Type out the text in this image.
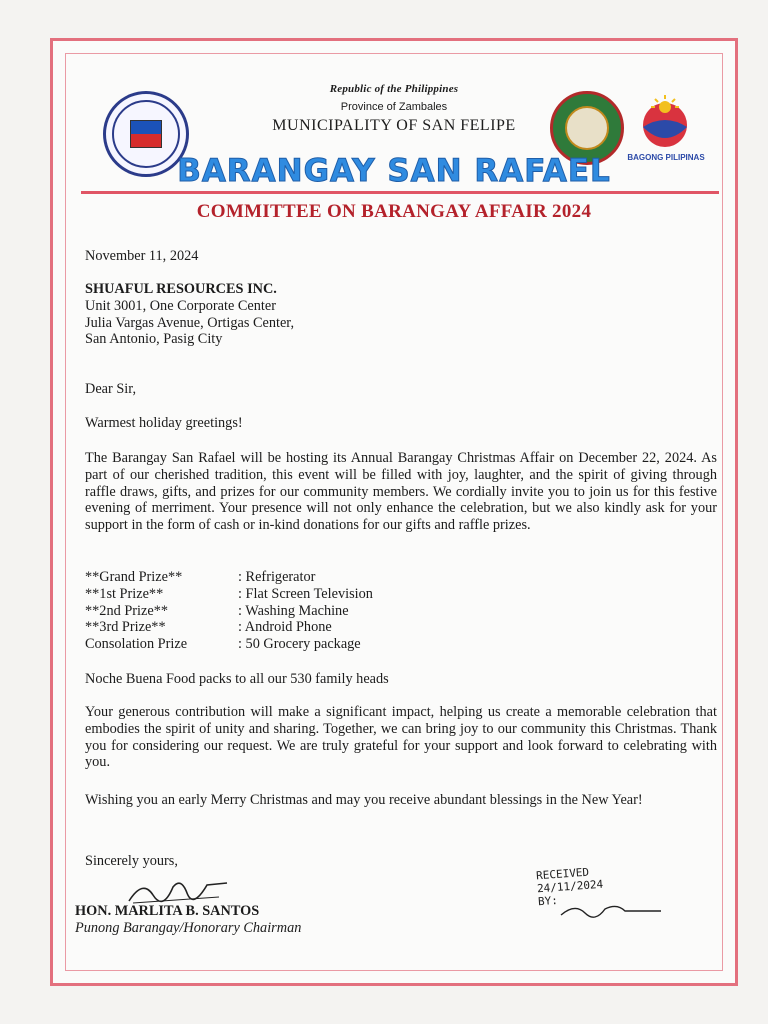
BAGONG PILIPINAS
Republic of the Philippines
Province of Zambales
MUNICIPALITY OF SAN FELIPE
BARANGAY SAN RAFAEL
COMMITTEE ON BARANGAY AFFAIR 2024
November 11, 2024
SHUAFUL RESOURCES INC.
Unit 3001, One Corporate Center
Julia Vargas Avenue, Ortigas Center,
San Antonio, Pasig City
Dear Sir,
Warmest holiday greetings!
The Barangay San Rafael will be hosting its Annual Barangay Christmas Affair on December 22, 2024. As part of our cherished tradition, this event will be filled with joy, laughter, and the spirit of giving through raffle draws, gifts, and prizes for our community members. We cordially invite you to join us for this festive evening of merriment. Your presence will not only enhance the celebration, but we also kindly ask for your support in the form of cash or in-kind donations for our gifts and raffle prizes.
**Grand Prize**	: Refrigerator
**1st Prize**	: Flat Screen Television
**2nd Prize**	: Washing Machine
**3rd Prize**	: Android Phone
Consolation Prize	: 50 Grocery package
Noche Buena Food packs to all our 530 family heads
Your generous contribution will make a significant impact, helping us create a memorable celebration that embodies the spirit of unity and sharing. Together, we can bring joy to our community this Christmas. Thank you for considering our request. We are truly grateful for your support and look forward to celebrating with you.
Wishing you an early Merry Christmas and may you receive abundant blessings in the New Year!
Sincerely yours,
HON. MARLITA B. SANTOS
Punong Barangay/Honorary Chairman
RECEIVED
24/11/2024
BY:
